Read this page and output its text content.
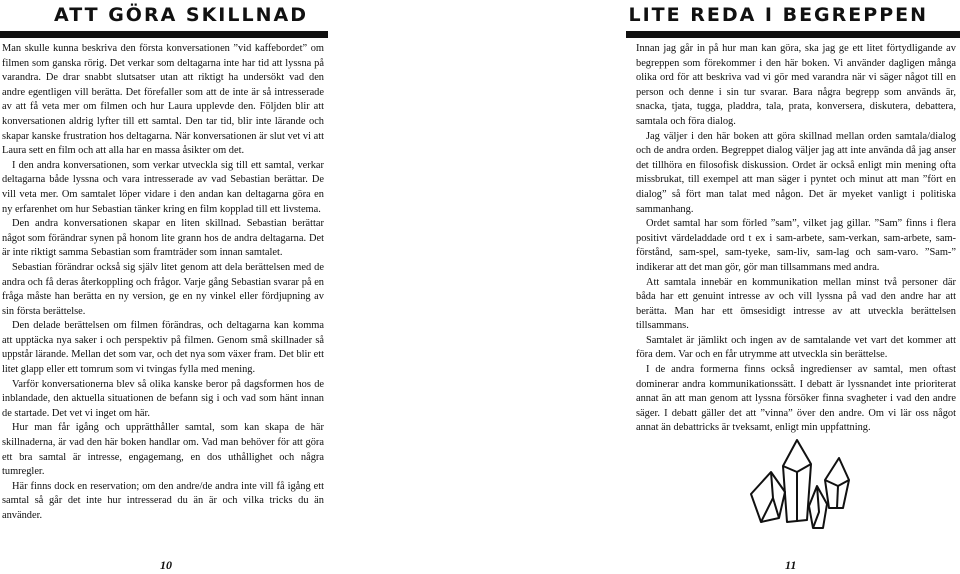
ATT GÖRA SKILLNAD

Man skulle kunna beskriva den första konversationen ”vid kaffebordet” om filmen som ganska rörig. Det verkar som deltagarna inte har tid att lyssna på varandra. De drar snabbt slutsatser utan att riktigt ha undersökt vad den andre egentligen vill berätta. Det förefaller som att de inte är så intresserade av att få veta mer om filmen och hur Laura upplevde den. Följden blir att konversationen aldrig lyfter till ett samtal. Den tar tid, blir inte lärande och skapar kanske frustration hos deltagarna. När konversationen är slut vet vi att Laura sett en film och att alla har en massa åsikter om det.

I den andra konversationen, som verkar utveckla sig till ett samtal, verkar deltagarna både lyssna och vara intresserade av vad Sebastian berättar. De vill veta mer. Om samtalet löper vidare i den andan kan deltagarna göra en ny erfarenhet om hur Sebastian tänker kring en film kopplad till ett livstema.

Den andra konversationen skapar en liten skillnad. Sebastian berättar något som förändrar synen på honom lite grann hos de andra deltagarna. Det är inte riktigt samma Sebastian som framträder som innan samtalet.

Sebastian förändrar också sig själv litet genom att dela berättelsen med de andra och få deras återkoppling och frågor. Varje gång Sebastian svarar på en fråga måste han berätta en ny version, ge en ny vinkel eller fördjupning av sin första berättelse.

Den delade berättelsen om filmen förändras, och deltagarna kan komma att upptäcka nya saker i och perspektiv på filmen. Genom små skillnader så uppstår lärande. Mellan det som var, och det nya som växer fram. Det blir ett litet glapp eller ett tomrum som vi tvingas fylla med mening.

Varför konversationerna blev så olika kanske beror på dagsformen hos de inblandade, den aktuella situationen de befann sig i och vad som hänt innan de startade. Det vet vi inget om här.

Hur man får igång och upprätthåller samtal, som kan skapa de här skillnaderna, är vad den här boken handlar om. Vad man behöver för att göra ett bra samtal är intresse, engagemang, en dos uthållighet och några tumregler.

Här finns dock en reservation; om den andre/de andra inte vill få igång ett samtal så går det inte hur intresserad du än är och vilka tricks du än använder.

10

LITE REDA I BEGREPPEN

Innan jag går in på hur man kan göra, ska jag ge ett litet förtydligande av begreppen som förekommer i den här boken. Vi använder dagligen många olika ord för att beskriva vad vi gör med varandra när vi säger något till en person och denne i sin tur svarar. Bara några begrepp som används är, snacka, tjata, tugga, pladdra, tala, prata, konversera, diskutera, debattera, samtala och föra dialog.

Jag väljer i den här boken att göra skillnad mellan orden samtala/dialog och de andra orden. Begreppet dialog väljer jag att inte använda då jag anser det tillhöra en filosofisk diskussion. Ordet är också enligt min mening ofta missbrukat, till exempel att man säger i pyntet och minut att man ”fört en dialog” så fört man talat med någon. Det är myeket vanligt i politiska sammanhang.

Ordet samtal har som förled ”sam”, vilket jag gillar. ”Sam” finns i flera positivt värdeladdade ord t ex i sam-arbete, sam-verkan, sam-arbete, sam-förstånd, sam-spel, sam-tyeke, sam-liv, sam-lag och sam-varo. ”Sam-” indikerar att det man gör, gör man tillsammans med andra.

Att samtala innebär en kommunikation mellan minst två personer där båda har ett genuint intresse av och vill lyssna på vad den andre har att berätta. Man har ett ömsesidigt intresse av att utveckla berättelsen tillsammans.

Samtalet är jämlikt och ingen av de samtalande vet vart det kommer att föra dem. Var och en får utrymme att utveckla sin berättelse.

I de andra formerna finns också ingredienser av samtal, men oftast dominerar andra kommunikationssätt. I debatt är lyssnandet inte prioriterat annat än att man genom att lyssna försöker finna svagheter i vad den andre säger. I debatt gäller det att ”vinna” över den andre. Om vi lär oss något annat än debattricks är tveksamt, enligt min uppfattning.

11
